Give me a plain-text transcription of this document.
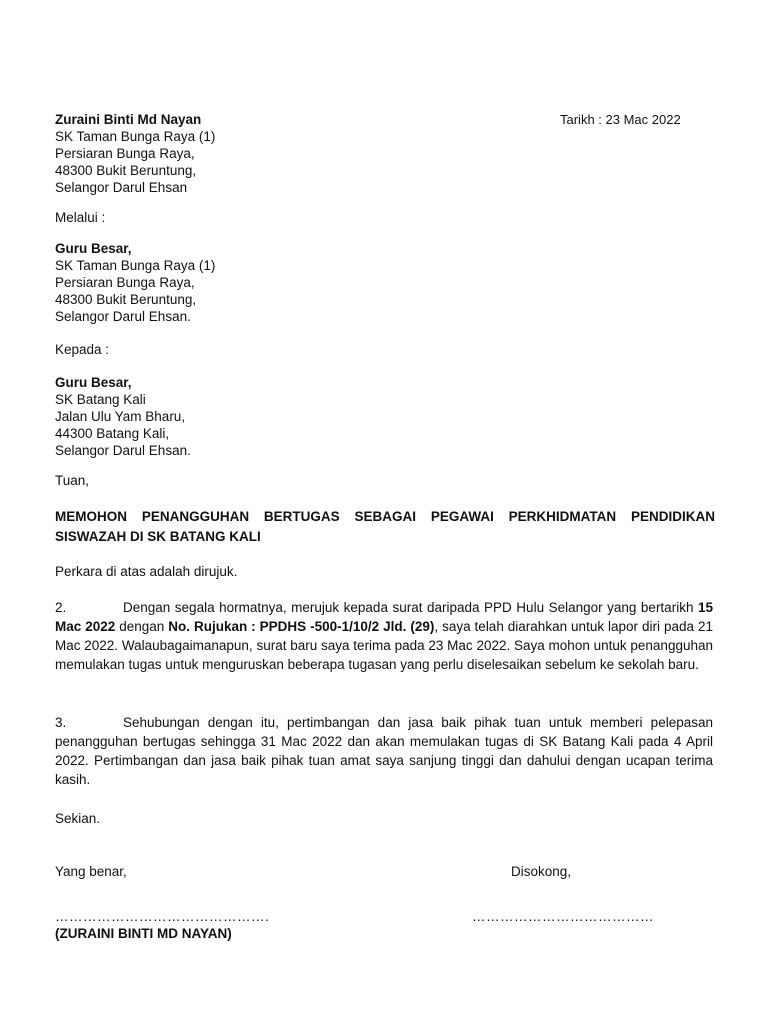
Zuraini Binti Md Nayan
SK Taman Bunga Raya (1)
Persiaran Bunga Raya,
48300 Bukit Beruntung,
Selangor Darul Ehsan
Tarikh : 23 Mac 2022
Melalui :
Guru Besar,
SK Taman Bunga Raya (1)
Persiaran Bunga Raya,
48300 Bukit Beruntung,
Selangor Darul Ehsan.
Kepada :
Guru Besar,
SK Batang Kali
Jalan Ulu Yam Bharu,
44300 Batang Kali,
Selangor Darul Ehsan.
Tuan,
MEMOHON PENANGGUHAN BERTUGAS SEBAGAI PEGAWAI PERKHIDMATAN PENDIDIKAN SISWAZAH DI SK BATANG KALI
Perkara di atas adalah dirujuk.
2.	Dengan segala hormatnya, merujuk kepada surat daripada PPD Hulu Selangor yang bertarikh 15 Mac 2022 dengan No. Rujukan : PPDHS -500-1/10/2 Jld. (29), saya telah diarahkan untuk lapor diri pada 21 Mac 2022. Walaubagaimanapun, surat baru saya terima pada 23 Mac 2022. Saya mohon untuk penangguhan memulakan tugas untuk menguruskan beberapa tugasan yang perlu diselesaikan sebelum ke sekolah baru.
3.	Sehubungan dengan itu, pertimbangan dan jasa baik pihak tuan untuk memberi pelepasan penangguhan bertugas sehingga 31 Mac 2022 dan akan memulakan tugas di SK Batang Kali pada 4 April 2022. Pertimbangan dan jasa baik pihak tuan amat saya sanjung tinggi dan dahului dengan ucapan terima kasih.
Sekian.
Yang benar,	Disokong,
……………………………………….	…………………………………
(ZURAINI BINTI MD NAYAN)
